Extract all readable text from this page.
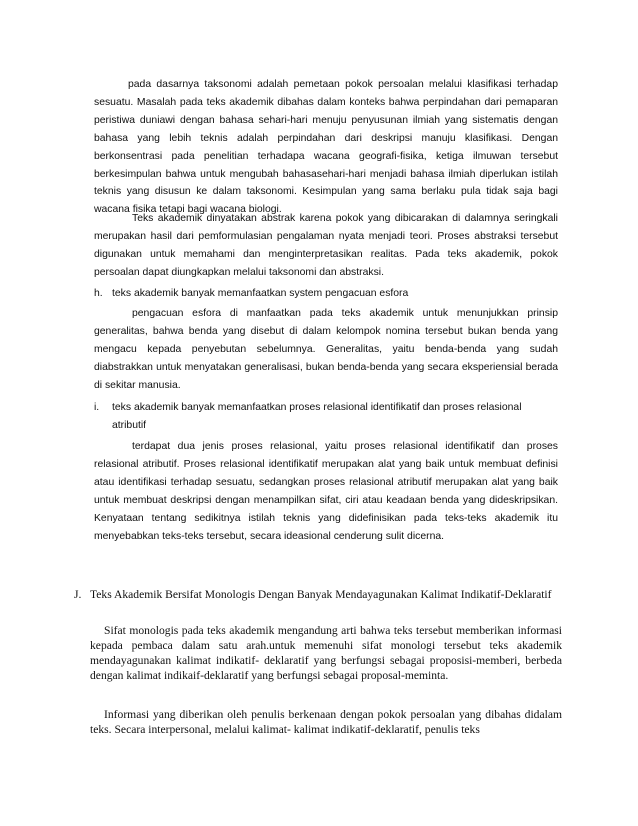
pada dasarnya taksonomi adalah pemetaan pokok persoalan melalui klasifikasi terhadap sesuatu. Masalah pada teks akademik dibahas dalam konteks bahwa perpindahan dari pemaparan peristiwa duniawi dengan bahasa sehari-hari menuju penyusunan ilmiah yang sistematis dengan bahasa yang lebih teknis adalah perpindahan dari deskripsi manuju klasifikasi. Dengan berkonsentrasi pada penelitian terhadapa wacana geografi-fisika, ketiga ilmuwan tersebut berkesimpulan bahwa untuk mengubah bahasasehari-hari menjadi bahasa ilmiah diperlukan istilah teknis yang disusun ke dalam taksonomi. Kesimpulan yang sama berlaku pula tidak saja bagi wacana fisika tetapi bagi wacana biologi.

Teks akademik dinyatakan abstrak karena pokok yang dibicarakan di dalamnya seringkali merupakan hasil dari pemformulasian pengalaman nyata menjadi teori. Proses abstraksi tersebut digunakan untuk memahami dan menginterpretasikan realitas. Pada teks akademik, pokok persoalan dapat diungkapkan melalui taksonomi dan abstraksi.

h. teks akademik banyak memanfaatkan system pengacuan esfora

pengacuan esfora di manfaatkan pada teks akademik untuk menunjukkan prinsip generalitas, bahwa benda yang disebut di dalam kelompok nomina tersebut bukan benda yang mengacu kepada penyebutan sebelumnya. Generalitas, yaitu benda-benda yang sudah diabstrakkan untuk menyatakan generalisasi, bukan benda-benda yang secara eksperiensial berada di sekitar manusia.

i. teks akademik banyak memanfaatkan proses relasional identifikatif dan proses relasional atributif

terdapat dua jenis proses relasional, yaitu proses relasional identifikatif dan proses relasional atributif. Proses relasional identifikatif merupakan alat yang baik untuk membuat definisi atau identifikasi terhadap sesuatu, sedangkan proses relasional atributif merupakan alat yang baik untuk membuat deskripsi dengan menampilkan sifat, ciri atau keadaan benda yang dideskripsikan. Kenyataan tentang sedikitnya istilah teknis yang didefinisikan pada teks-teks akademik itu menyebabkan teks-teks tersebut, secara ideasional cenderung sulit dicerna.

J. Teks Akademik Bersifat Monologis Dengan Banyak Mendayagunakan Kalimat Indikatif-Deklaratif

Sifat monologis pada teks akademik mengandung arti bahwa teks tersebut memberikan informasi kepada pembaca dalam satu arah.untuk memenuhi sifat monologi tersebut teks akademik mendayagunakan kalimat indikatif- deklaratif yang berfungsi sebagai proposisi-memberi, berbeda dengan kalimat indikaif-deklaratif yang berfungsi sebagai proposal-meminta.

Informasi yang diberikan oleh penulis berkenaan dengan pokok persoalan yang dibahas didalam teks. Secara interpersonal, melalui kalimat- kalimat indikatif-deklaratif, penulis teks
